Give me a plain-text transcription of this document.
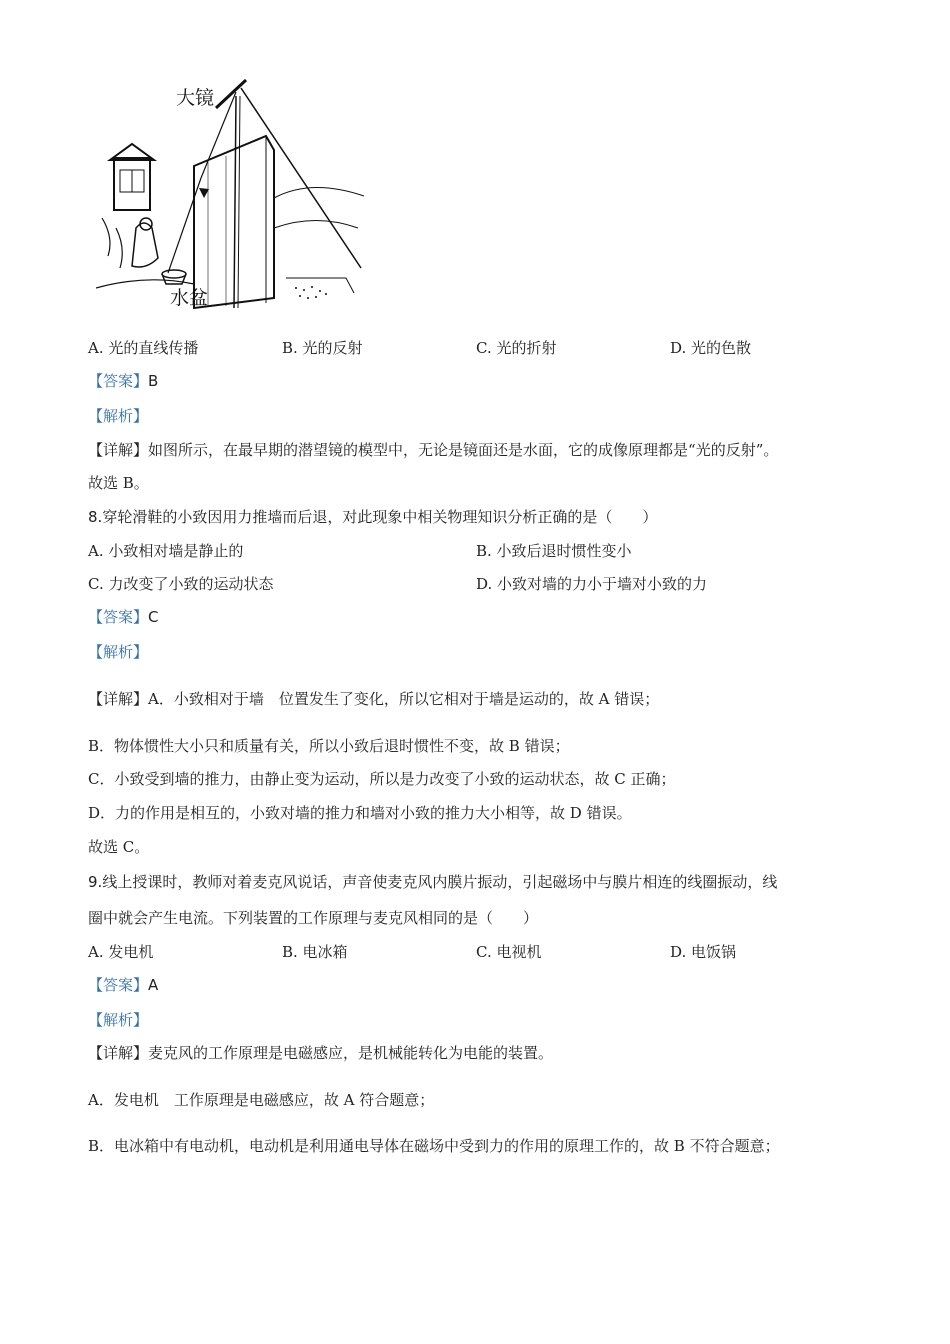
大镜
水盆
A. 光的直线传播	B. 光的反射	C. 光的折射	D. 光的色散
【答案】B
【解析】
【详解】如图所示，在最早期的潜望镜的模型中，无论是镜面还是水面，它的成像原理都是“光的反射”。
故选 B。
8.穿轮滑鞋的小致因用力推墙而后退，对此现象中相关物理知识分析正确的是（　　）
A. 小致相对墙是静止的	B. 小致后退时惯性变小
C. 力改变了小致的运动状态	D. 小致对墙的力小于墙对小致的力
【答案】C
【解析】
【详解】A．小致相对于墙　位置发生了变化，所以它相对于墙是运动的，故 A 错误；
B．物体惯性大小只和质量有关，所以小致后退时惯性不变，故 B 错误；
C．小致受到墙的推力，由静止变为运动，所以是力改变了小致的运动状态，故 C 正确；
D．力的作用是相互的，小致对墙的推力和墙对小致的推力大小相等，故 D 错误。
故选 C。
9.线上授课时，教师对着麦克风说话，声音使麦克风内膜片振动，引起磁场中与膜片相连的线圈振动，线
圈中就会产生电流。下列装置的工作原理与麦克风相同的是（　　）
A. 发电机	B. 电冰箱	C. 电视机	D. 电饭锅
【答案】A
【解析】
【详解】麦克风的工作原理是电磁感应，是机械能转化为电能的装置。
A．发电机　工作原理是电磁感应，故 A 符合题意；
B．电冰箱中有电动机，电动机是利用通电导体在磁场中受到力的作用的原理工作的，故 B 不符合题意；
